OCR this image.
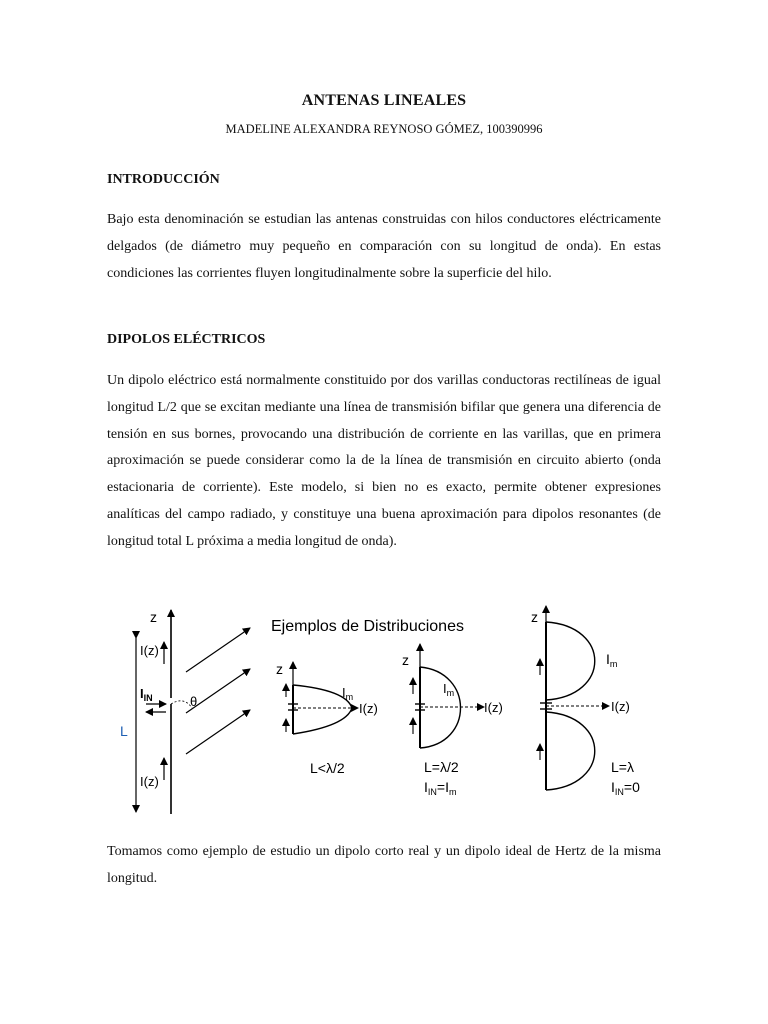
ANTENAS LINEALES
MADELINE ALEXANDRA REYNOSO GÓMEZ, 100390996
INTRODUCCIÓN
Bajo esta denominación se estudian las antenas construidas con hilos conductores eléctricamente delgados (de diámetro muy pequeño en comparación con su longitud de onda). En estas condiciones las corrientes fluyen longitudinalmente sobre la superficie del hilo.
DIPOLOS ELÉCTRICOS
Un dipolo eléctrico está normalmente constituido por dos varillas conductoras rectilíneas de igual longitud L/2 que se excitan mediante una línea de transmisión bifilar que genera una diferencia de tensión en sus bornes, provocando una distribución de corriente en las varillas, que en primera aproximación se puede considerar como la de la línea de transmisión en circuito abierto (onda estacionaria de corriente). Este modelo, si bien no es exacto, permite obtener expresiones analíticas del campo radiado, y constituye una buena aproximación para dipolos resonantes (de longitud total L próxima a media longitud de onda).
Ejemplos de Distribuciones
z
L
I(z)
$I_{IN}$
I(z)
θ
z
$I_m$
I(z)
L<λ/2
z
$I_m$
I(z)
L=λ/2
$I_{IN}=I_m$
z
$I_m$
I(z)
L=λ
$I_{IN}=0$
Tomamos como ejemplo de estudio un dipolo corto real y un dipolo ideal de Hertz de la misma longitud.
